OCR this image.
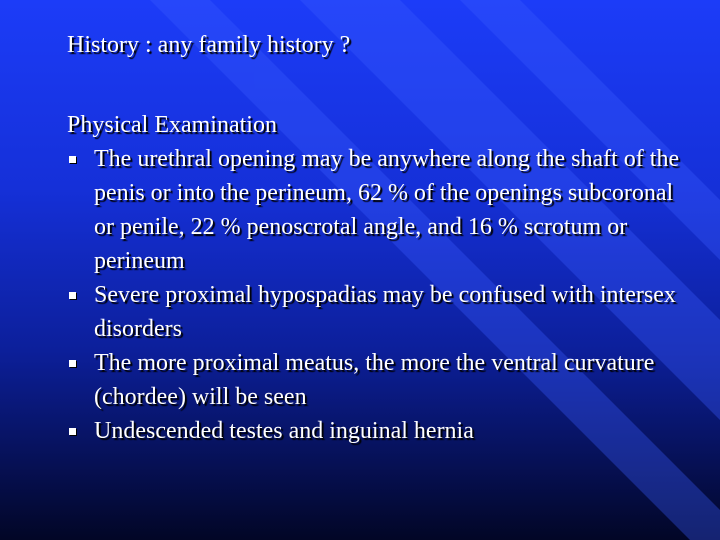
History : any family history ?

Physical Examination

The urethral opening may be anywhere along the shaft of the penis or into the perineum, 62 % of the openings subcoronal or penile, 22 % penoscrotal angle, and 16 % scrotum or perineum
Severe proximal hypospadias may be confused with intersex disorders
The more proximal meatus, the more the ventral curvature (chordee) will be seen
Undescended testes and inguinal hernia
